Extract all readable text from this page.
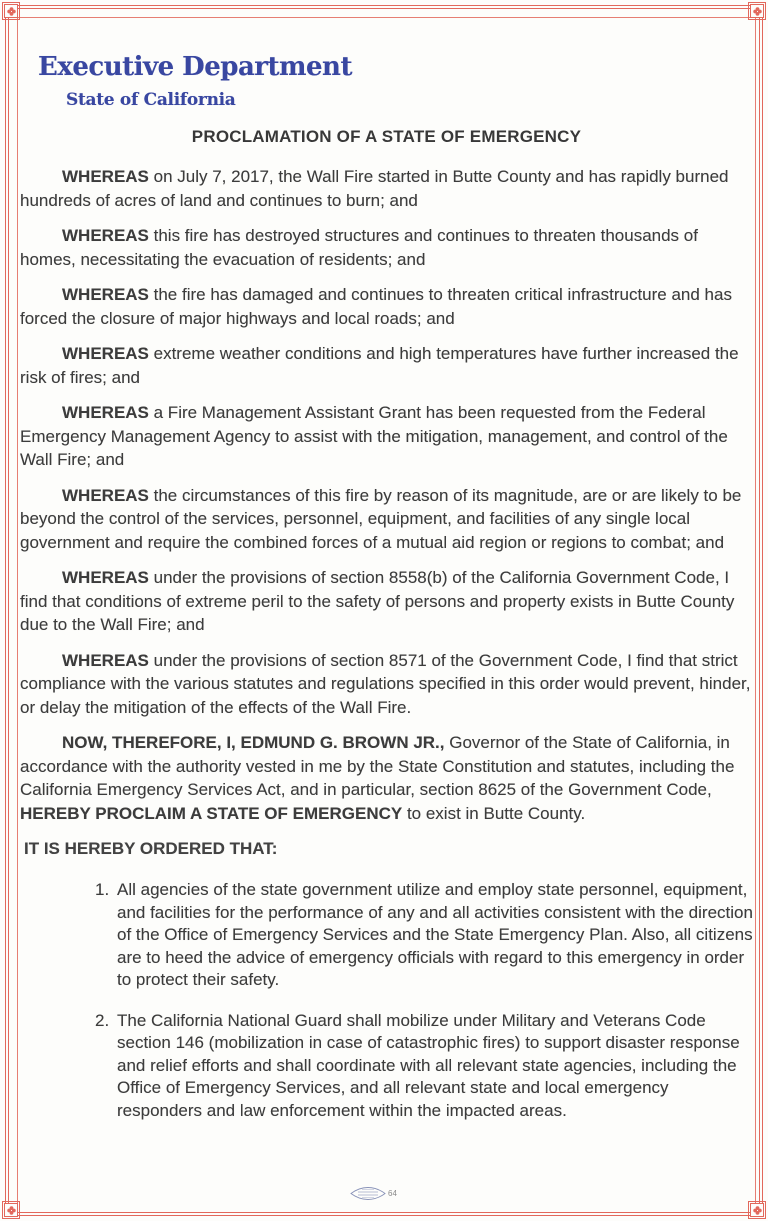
Executive Department
State of California
PROCLAMATION OF A STATE OF EMERGENCY

WHEREAS on July 7, 2017, the Wall Fire started in Butte County and has rapidly burned hundreds of acres of land and continues to burn; and

WHEREAS this fire has destroyed structures and continues to threaten thousands of homes, necessitating the evacuation of residents; and

WHEREAS the fire has damaged and continues to threaten critical infrastructure and has forced the closure of major highways and local roads; and

WHEREAS extreme weather conditions and high temperatures have further increased the risk of fires; and

WHEREAS a Fire Management Assistant Grant has been requested from the Federal Emergency Management Agency to assist with the mitigation, management, and control of the Wall Fire; and

WHEREAS the circumstances of this fire by reason of its magnitude, are or are likely to be beyond the control of the services, personnel, equipment, and facilities of any single local government and require the combined forces of a mutual aid region or regions to combat; and

WHEREAS under the provisions of section 8558(b) of the California Government Code, I find that conditions of extreme peril to the safety of persons and property exists in Butte County due to the Wall Fire; and

WHEREAS under the provisions of section 8571 of the Government Code, I find that strict compliance with the various statutes and regulations specified in this order would prevent, hinder, or delay the mitigation of the effects of the Wall Fire.

NOW, THEREFORE, I, EDMUND G. BROWN JR., Governor of the State of California, in accordance with the authority vested in me by the State Constitution and statutes, including the California Emergency Services Act, and in particular, section 8625 of the Government Code, HEREBY PROCLAIM A STATE OF EMERGENCY to exist in Butte County.

IT IS HEREBY ORDERED THAT:
1. All agencies of the state government utilize and employ state personnel, equipment, and facilities for the performance of any and all activities consistent with the direction of the Office of Emergency Services and the State Emergency Plan. Also, all citizens are to heed the advice of emergency officials with regard to this emergency in order to protect their safety.
2. The California National Guard shall mobilize under Military and Veterans Code section 146 (mobilization in case of catastrophic fires) to support disaster response and relief efforts and shall coordinate with all relevant state agencies, including the Office of Emergency Services, and all relevant state and local emergency responders and law enforcement within the impacted areas.
64
